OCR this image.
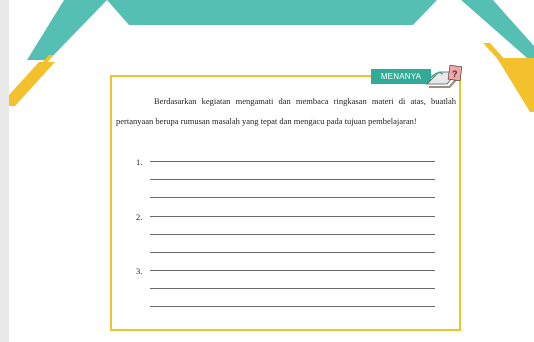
MENANYA	?
Berdasarkan kegiatan mengamati dan membaca ringkasan materi di atas, buatlah pertanyaan berupa rumusan masalah yang tepat dan mengacu pada tujuan pembelajaran!
1.
2.
3.
